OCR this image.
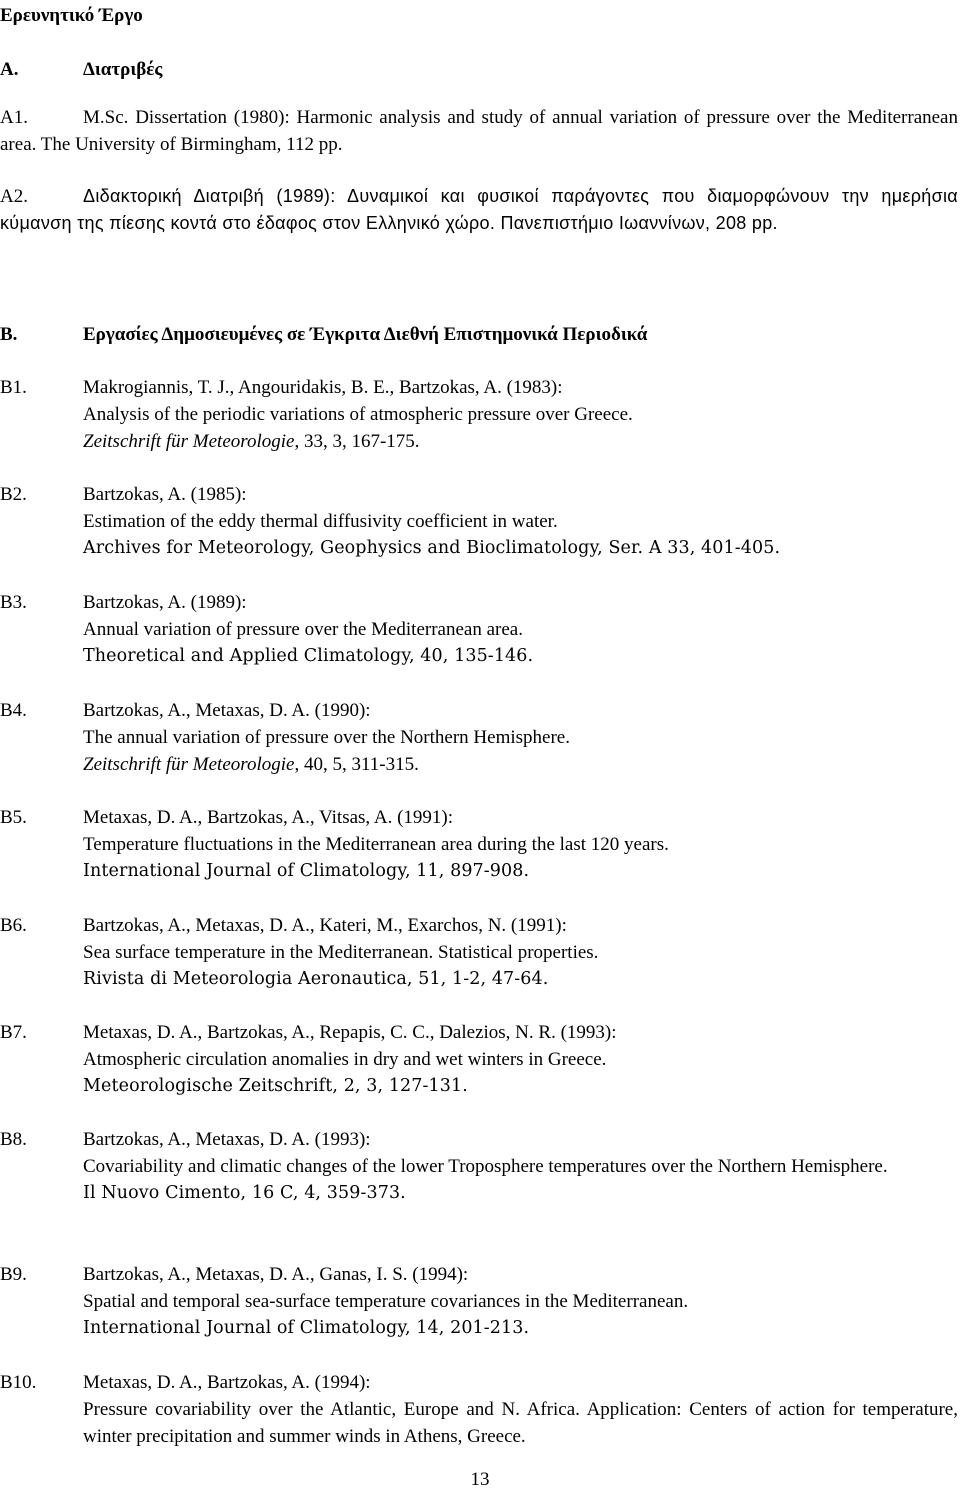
Ερευνητικό Έργο
Α.	Διατριβές
Α1.	M.Sc. Dissertation (1980): Harmonic analysis and study of annual variation of pressure over the Mediterranean area. The University of Birmingham, 112 pp.
Α2.	Διδακτορική Διατριβή (1989): Δυναμικοί και φυσικοί παράγοντες που διαμορφώνουν την ημερήσια κύμανση της πίεσης κοντά στο έδαφος στον Ελληνικό χώρο. Πανεπιστήμιο Ιωαννίνων, 208 pp.
Β.	Εργασίες Δημοσιευμένες σε Έγκριτα Διεθνή Επιστημονικά Περιοδικά
B1.	Makrogiannis, T. J., Angouridakis, B. E., Bartzokas, A. (1983):
Analysis of the periodic variations of atmospheric pressure over Greece.
Zeitschrift für Meteorologie, 33, 3, 167-175.
B2.	Bartzokas, A. (1985):
Estimation of the eddy thermal diffusivity coefficient in water.
Archives for Meteorology, Geophysics and Bioclimatology, Ser. A 33, 401-405.
B3.	Bartzokas, A. (1989):
Annual variation of pressure over the Mediterranean area.
Theoretical and Applied Climatology, 40, 135-146.
B4.	Bartzokas, A., Metaxas, D. A. (1990):
The annual variation of pressure over the Northern Hemisphere.
Zeitschrift für Meteorologie, 40, 5, 311-315.
B5.	Metaxas, D. A., Bartzokas, A., Vitsas, A. (1991):
Temperature fluctuations in the Mediterranean area during the last 120 years.
International Journal of Climatology, 11, 897-908.
B6.	Bartzokas, A., Metaxas, D. A., Kateri, M., Exarchos, N. (1991):
Sea surface temperature in the Mediterranean. Statistical properties.
Rivista di Meteorologia Aeronautica, 51, 1-2, 47-64.
B7.	Metaxas, D. A., Bartzokas, A., Repapis, C. C., Dalezios, N. R. (1993):
Atmospheric circulation anomalies in dry and wet winters in Greece.
Meteorologische Zeitschrift, 2, 3, 127-131.
B8.	Bartzokas, A., Metaxas, D. A. (1993):
Covariability and climatic changes of the lower Troposphere temperatures over the Northern Hemisphere.
Il Nuovo Cimento, 16 C, 4, 359-373.
B9.	Bartzokas, A., Metaxas, D. A., Ganas, I. S. (1994):
Spatial and temporal sea-surface temperature covariances in the Mediterranean.
International Journal of Climatology, 14, 201-213.
B10. Metaxas, D. A., Bartzokas, A. (1994):
Pressure covariability over the Atlantic, Europe and N. Africa. Application: Centers of action for temperature, winter precipitation and summer winds in Athens, Greece.
13
